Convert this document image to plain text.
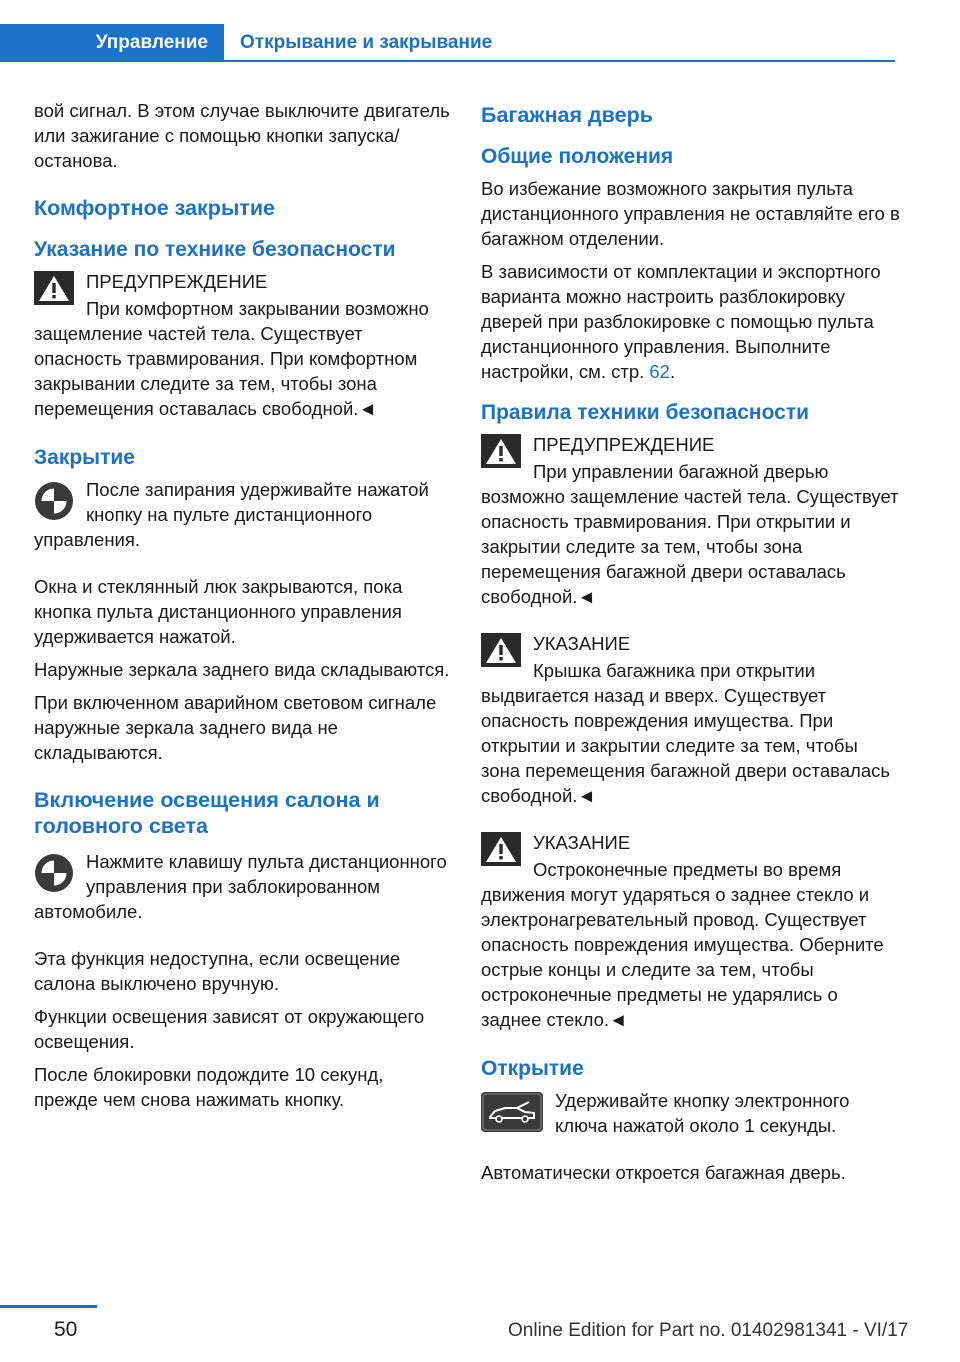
Управление	Открывание и закрывание

вой сигнал. В этом случае выключите двигатель или зажигание с помощью кнопки запуска/останова.

Комфортное закрытие
Указание по технике безопасности

ПРЕДУПРЕЖДЕНИЕ

При комфортном закрывании возможно защемление частей тела. Существует опасность травмирования. При комфортном закрывании следите за тем, чтобы зона перемещения оставалась свободной.◄

Закрытие

После запирания удерживайте нажатой кнопку на пульте дистанционного управления.

Окна и стеклянный люк закрываются, пока кнопка пульта дистанционного управления удерживается нажатой.

Наружные зеркала заднего вида складываются.

При включенном аварийном световом сигнале наружные зеркала заднего вида не складываются.

Включение освещения салона и головного света

Нажмите клавишу пульта дистанционного управления при заблокированном автомобиле.

Эта функция недоступна, если освещение салона выключено вручную.

Функции освещения зависят от окружающего освещения.

После блокировки подождите 10 секунд, прежде чем снова нажимать кнопку.

Багажная дверь
Общие положения

Во избежание возможного закрытия пульта дистанционного управления не оставляйте его в багажном отделении.

В зависимости от комплектации и экспортного варианта можно настроить разблокировку дверей при разблокировке с помощью пульта дистанционного управления. Выполните настройки, см. стр. 62.

Правила техники безопасности

ПРЕДУПРЕЖДЕНИЕ

При управлении багажной дверью возможно защемление частей тела. Существует опасность травмирования. При открытии и закрытии следите за тем, чтобы зона перемещения багажной двери оставалась свободной.◄

УКАЗАНИЕ

Крышка багажника при открытии выдвигается назад и вверх. Существует опасность повреждения имущества. При открытии и закрытии следите за тем, чтобы зона перемещения багажной двери оставалась свободной.◄

УКАЗАНИЕ

Остроконечные предметы во время движения могут ударяться о заднее стекло и электронагревательный провод. Существует опасность повреждения имущества. Оберните острые концы и следите за тем, чтобы остроконечные предметы не ударялись о заднее стекло.◄

Открытие

Удерживайте кнопку электронного ключа нажатой около 1 секунды.

Автоматически откроется багажная дверь.

50	Online Edition for Part no. 01402981341 - VI/17
